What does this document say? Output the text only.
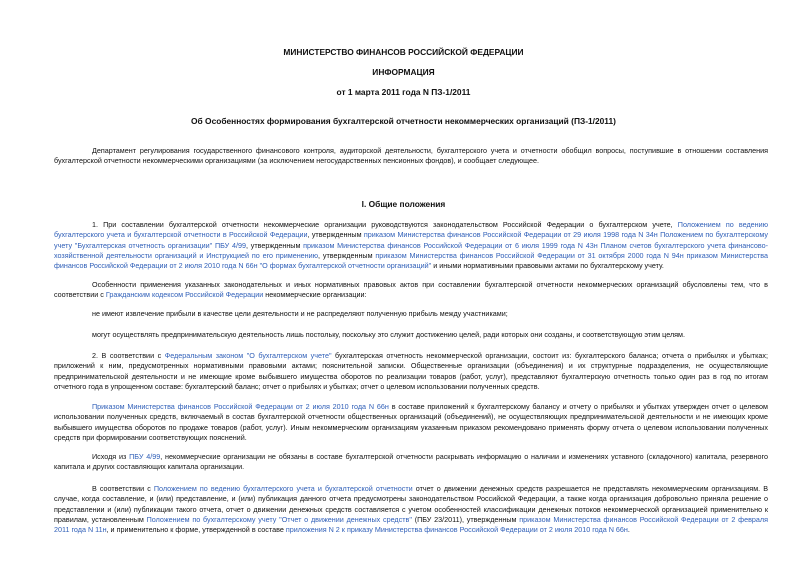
МИНИСТЕРСТВО ФИНАНСОВ РОССИЙСКОЙ ФЕДЕРАЦИИ
ИНФОРМАЦИЯ
от 1 марта 2011 года N ПЗ-1/2011
Об Особенностях формирования бухгалтерской отчетности некоммерческих организаций (ПЗ-1/2011)
Департамент регулирования государственного финансового контроля, аудиторской деятельности, бухгалтерского учета и отчетности обобщил вопросы, поступившие в отношении составления бухгалтерской отчетности некоммерческими организациями (за исключением негосударственных пенсионных фондов), и сообщает следующее.
I. Общие положения
1. При составлении бухгалтерской отчетности некоммерческие организации руководствуются законодательством Российской Федерации о бухгалтерском учете, Положением по ведению бухгалтерского учета и бухгалтерской отчетности в Российской Федерации, утвержденным приказом Министерства финансов Российской Федерации от 29 июля 1998 года N 34н Положением по бухгалтерскому учету "Бухгалтерская отчетность организации" ПБУ 4/99, утвержденным приказом Министерства финансов Российской Федерации от 6 июля 1999 года N 43н Планом счетов бухгалтерского учета финансово-хозяйственной деятельности организаций и Инструкцией по его применению, утвержденным приказом Министерства финансов Российской Федерации от 31 октября 2000 года N 94н приказом Министерства финансов Российской Федерации от 2 июля 2010 года N 66н "О формах бухгалтерской отчетности организаций" и иными нормативными правовыми актами по бухгалтерскому учету.
Особенности применения указанных законодательных и иных нормативных правовых актов при составлении бухгалтерской отчетности некоммерческих организаций обусловлены тем, что в соответствии с Гражданским кодексом Российской Федерации некоммерческие организации:
не имеют извлечение прибыли в качестве цели деятельности и не распределяют полученную прибыль между участниками;
могут осуществлять предпринимательскую деятельность лишь постольку, поскольку это служит достижению целей, ради которых они созданы, и соответствующую этим целям.
2. В соответствии с Федеральным законом "О бухгалтерском учете" бухгалтерская отчетность некоммерческой организации, состоит из: бухгалтерского баланса; отчета о прибылях и убытках; приложений к ним, предусмотренных нормативными правовыми актами; пояснительной записки. Общественные организации (объединения) и их структурные подразделения, не осуществляющие предпринимательской деятельности и не имеющие кроме выбывшего имущества оборотов по реализации товаров (работ, услуг), представляют бухгалтерскую отчетность только один раз в год по итогам отчетного года в упрощенном составе: бухгалтерский баланс; отчет о прибылях и убытках; отчет о целевом использовании полученных средств.
Приказом Министерства финансов Российской Федерации от 2 июля 2010 года N 66н в составе приложений к бухгалтерскому балансу и отчету о прибылях и убытках утвержден отчет о целевом использовании полученных средств, включаемый в состав бухгалтерской отчетности общественных организаций (объединений), не осуществляющих предпринимательской деятельности и не имеющих кроме выбывшего имущества оборотов по продаже товаров (работ, услуг). Иным некоммерческим организациям указанным приказом рекомендовано применять форму отчета о целевом использовании полученных средств при формировании соответствующих пояснений.
Исходя из ПБУ 4/99, некоммерческие организации не обязаны в составе бухгалтерской отчетности раскрывать информацию о наличии и изменениях уставного (складочного) капитала, резервного капитала и других составляющих капитала организации.
В соответствии с Положением по ведению бухгалтерского учета и бухгалтерской отчетности отчет о движении денежных средств разрешается не представлять некоммерческим организациям. В случае, когда составление, и (или) представление, и (или) публикация данного отчета предусмотрены законодательством Российской Федерации, а также когда организация добровольно приняла решение о представлении и (или) публикации такого отчета, отчет о движении денежных средств составляется с учетом особенностей классификации денежных потоков некоммерческой организацией применительно к правилам, установленным Положением по бухгалтерскому учету "Отчет о движении денежных средств" (ПБУ 23/2011), утвержденным приказом Министерства финансов Российской Федерации от 2 февраля 2011 года N 11н, и применительно к форме, утвержденной в составе приложения N 2 к приказу Министерства финансов Российской Федерации от 2 июля 2010 года N 66н.
